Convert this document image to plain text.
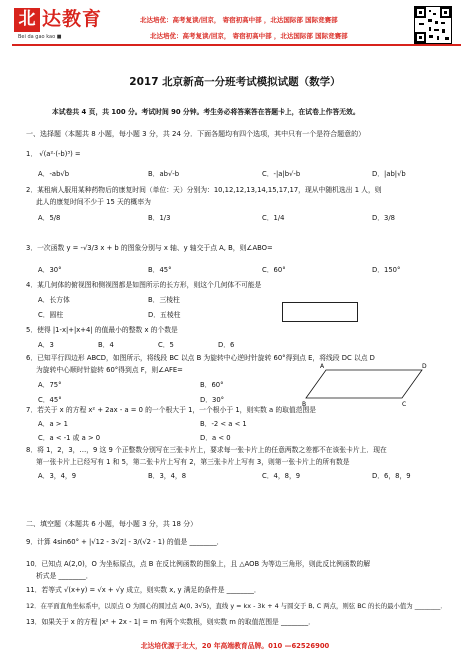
北 达教育
Bei da gao kao ■
北达培优：高考复读/回京， 寄宿初高中部 ，北达国际部 国际竞赛部
北达培优：高考复读/回京， 寄宿初高中部 ，北达国际部 国际竞赛部
2017 北京新高一分班考试模拟试题（数学）
本试卷共 4 页，共 100 分。考试时间 90 分钟。考生务必将答案答在答题卡上，在试卷上作答无效。
一、选择题（本题共 8 小题，每小题 3 分，共 24 分．下面各题均有四个选项，其中只有一个是符合题意的）
1． √(a²·(-b)³) =
A．-ab√b	B．ab√-b	C．-|a|b√-b	D．|ab|√b
2．某租病人服用某种药物后的康复时间（单位：天）分别为：10,12,12,13,14,15,17,17，现从中随机选出 1 人，则
此人的康复时间不少于 15 天的概率为
A．5/8	B．1/3	C．1/4	D．3/8
3．一次函数 y = -√3/3 x + b 的图象分别与 x 轴、y 轴交于点 A, B，则∠ABO=
A．30°	B．45°	C．60°	D．150°
4．某几何体的俯视图和侧视图都是如图所示的长方形，则这个几何体不可能是
A．长方体	B．三棱柱
C．圆柱	D．五棱柱
5．使得 |1-x|+|x+4| 的值最小的整数 x 的个数是
A．3	B．4	C．5	D．6
6．已知平行四边形 ABCD，如图所示，将线段 BC 以点 B 为旋转中心逆时针旋转 60°得到点 E，将线段 DC 以点 D
为旋转中心顺时针旋转 60°得到点 F，则∠AFE=
A．75°	B．60°
C．45°	D．30°
A
B	C
D
7．若关于 x 的方程 x² + 2ax - a = 0 的一个根大于 1，一个根小于 1，则实数 a 的取值范围是
A．a > 1	B．-2 < a < 1
C．a < -1 或 a > 0	D．a < 0
8．将 1，2，3，…，9 这 9 个正整数分别写在三张卡片上，要求每一张卡片上的任意两数之差都不在该张卡片上．现在
第一张卡片上已经写有 1 和 5，第二张卡片上写有 2，第三张卡片上写有 3，则第一张卡片上的所有数是
A．3，4，9	B．3，4，8	C．4，8，9	D．6，8，9
二、填空题（本题共 6 小题，每小题 3 分，共 18 分）
9．计算 4sin60° + |√12 - 3√2| - 3/(√2 - 1) 的值是 ________．
10．已知点 A(2,0)，O 为坐标原点，点 B 在反比例函数的图象上，且 △AOB 为等边三角形，则此反比例函数的解
析式是 ________．
11．若等式 √(x+y) = √x + √y 成立，则实数 x, y 满足的条件是 ________．
12．在平面直角坐标系中，以原点 O 为圆心的圆过点 A(0, 3√5)，直线 y = kx - 3k + 4 与圆交于 B, C 两点，则弦 BC 的长的最小值为 ________．
13．如果关于 x 的方程 |x² + 2x - 1| = m 有两个实数根，则实数 m 的取值范围是 ________．
北达培优源于北大，20 年高端教育品牌。010 —62526900
